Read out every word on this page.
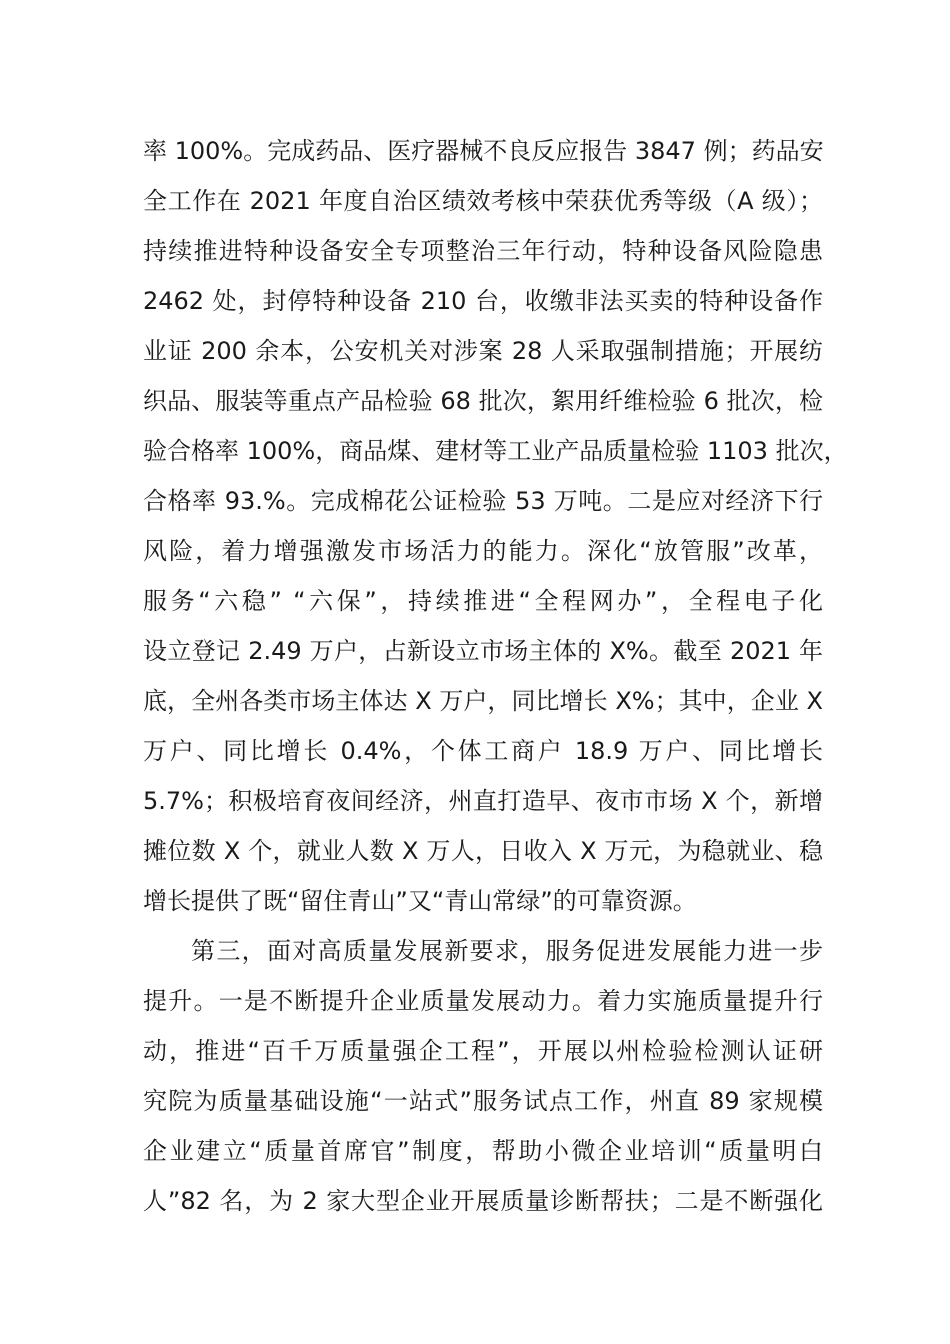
率 100%。完成药品、医疗器械不良反应报告 3847 例；药品安
全工作在 2021 年度自治区绩效考核中荣获优秀等级（A 级）；
持续推进特种设备安全专项整治三年行动，特种设备风险隐患
2462 处，封停特种设备 210 台，收缴非法买卖的特种设备作
业证 200 余本，公安机关对涉案 28 人采取强制措施；开展纺
织品、服装等重点产品检验 68 批次，絮用纤维检验 6 批次，检
验合格率 100%，商品煤、建材等工业产品质量检验 1103 批次，
合格率 93.%。完成棉花公证检验 53 万吨。二是应对经济下行
风险，着力增强激发市场活力的能力。深化“放管服”改革，
服务“六稳” “六保”，持续推进“全程网办”，全程电子化
设立登记 2.49 万户，占新设立市场主体的 X%。截至 2021 年
底，全州各类市场主体达 X 万户，同比增长 X%；其中，企业 X
万户、同比增长 0.4%，个体工商户 18.9 万户、同比增长
5.7%；积极培育夜间经济，州直打造早、夜市市场 X 个，新增
摊位数 X 个，就业人数 X 万人，日收入 X 万元，为稳就业、稳
增长提供了既“留住青山”又“青山常绿”的可靠资源。
第三，面对高质量发展新要求，服务促进发展能力进一步
提升。一是不断提升企业质量发展动力。着力实施质量提升行
动，推进“百千万质量强企工程”，开展以州检验检测认证研
究院为质量基础设施“一站式”服务试点工作，州直 89 家规模
企业建立“质量首席官”制度，帮助小微企业培训“质量明白
人”82 名，为 2 家大型企业开展质量诊断帮扶；二是不断强化
